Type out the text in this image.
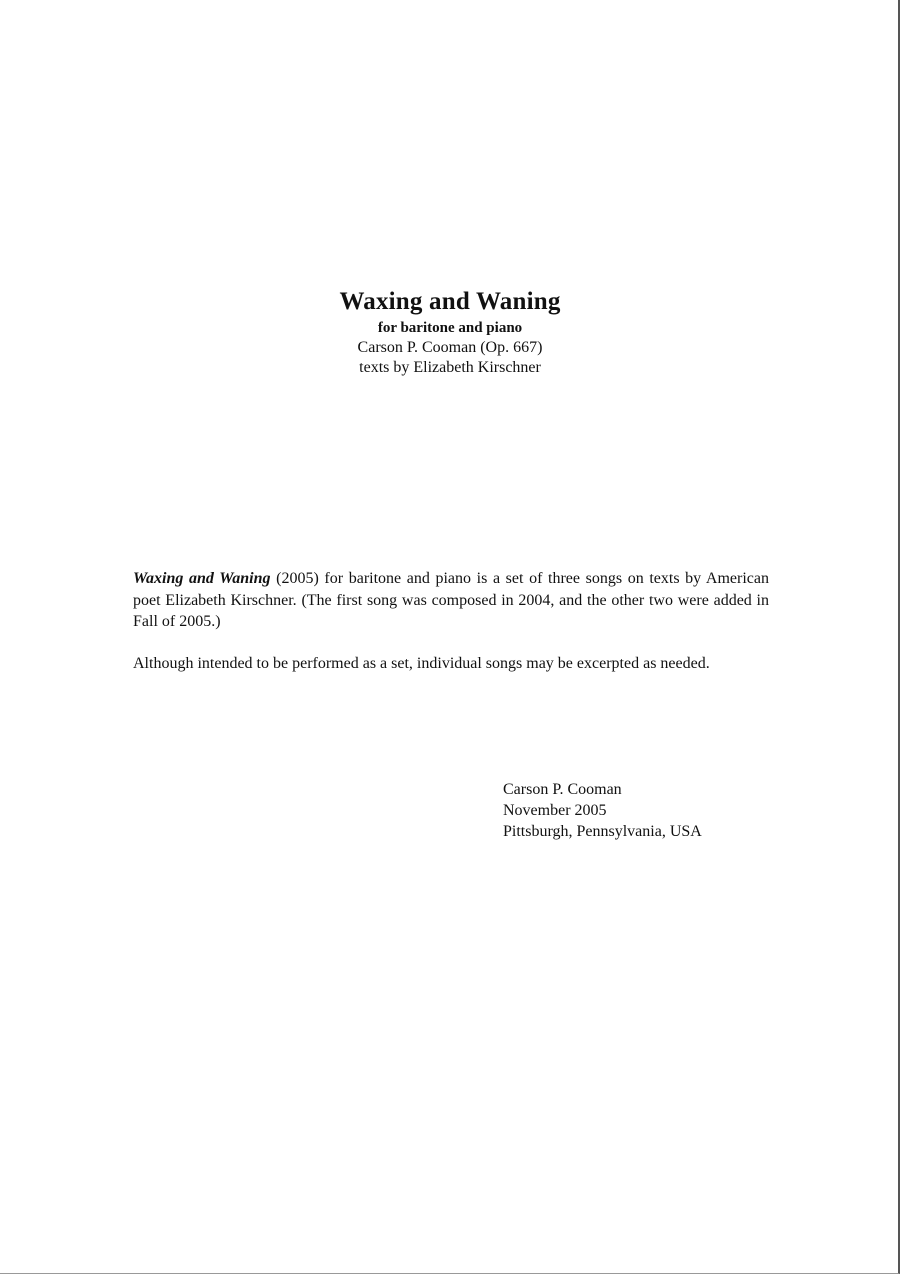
Waxing and Waning
for baritone and piano
Carson P. Cooman (Op. 667)
texts by Elizabeth Kirschner

Waxing and Waning (2005) for baritone and piano is a set of three songs on texts by American poet Elizabeth Kirschner. (The first song was composed in 2004, and the other two were added in Fall of 2005.)

Although intended to be performed as a set, individual songs may be excerpted as needed.

Carson P. Cooman
November 2005
Pittsburgh, Pennsylvania, USA
